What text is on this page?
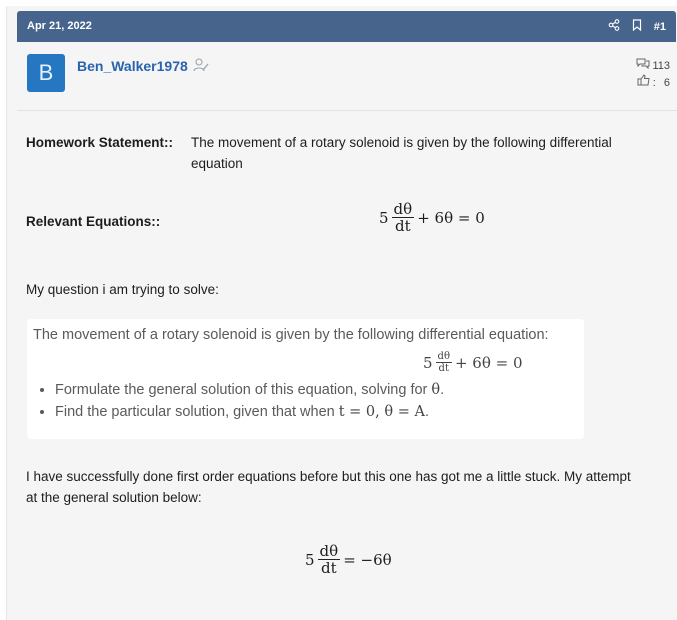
Apr 21, 2022	#1
B	Ben_Walker1978	113
: 6
Homework Statement:: The movement of a rotary solenoid is given by the following differential equation
Relevant Equations::	$5 \frac{d\theta}{dt} + 6\theta = 0$
My question i am trying to solve:
The movement of a rotary solenoid is given by the following differential equation:
$5 \frac{d\theta}{dt} + 6\theta = 0$
• Formulate the general solution of this equation, solving for θ.
• Find the particular solution, given that when t = 0, θ = A.
I have successfully done first order equations before but this one has got me a little stuck. My attempt at the general solution below:
$5 \frac{d\theta}{dt} = -6\theta$
